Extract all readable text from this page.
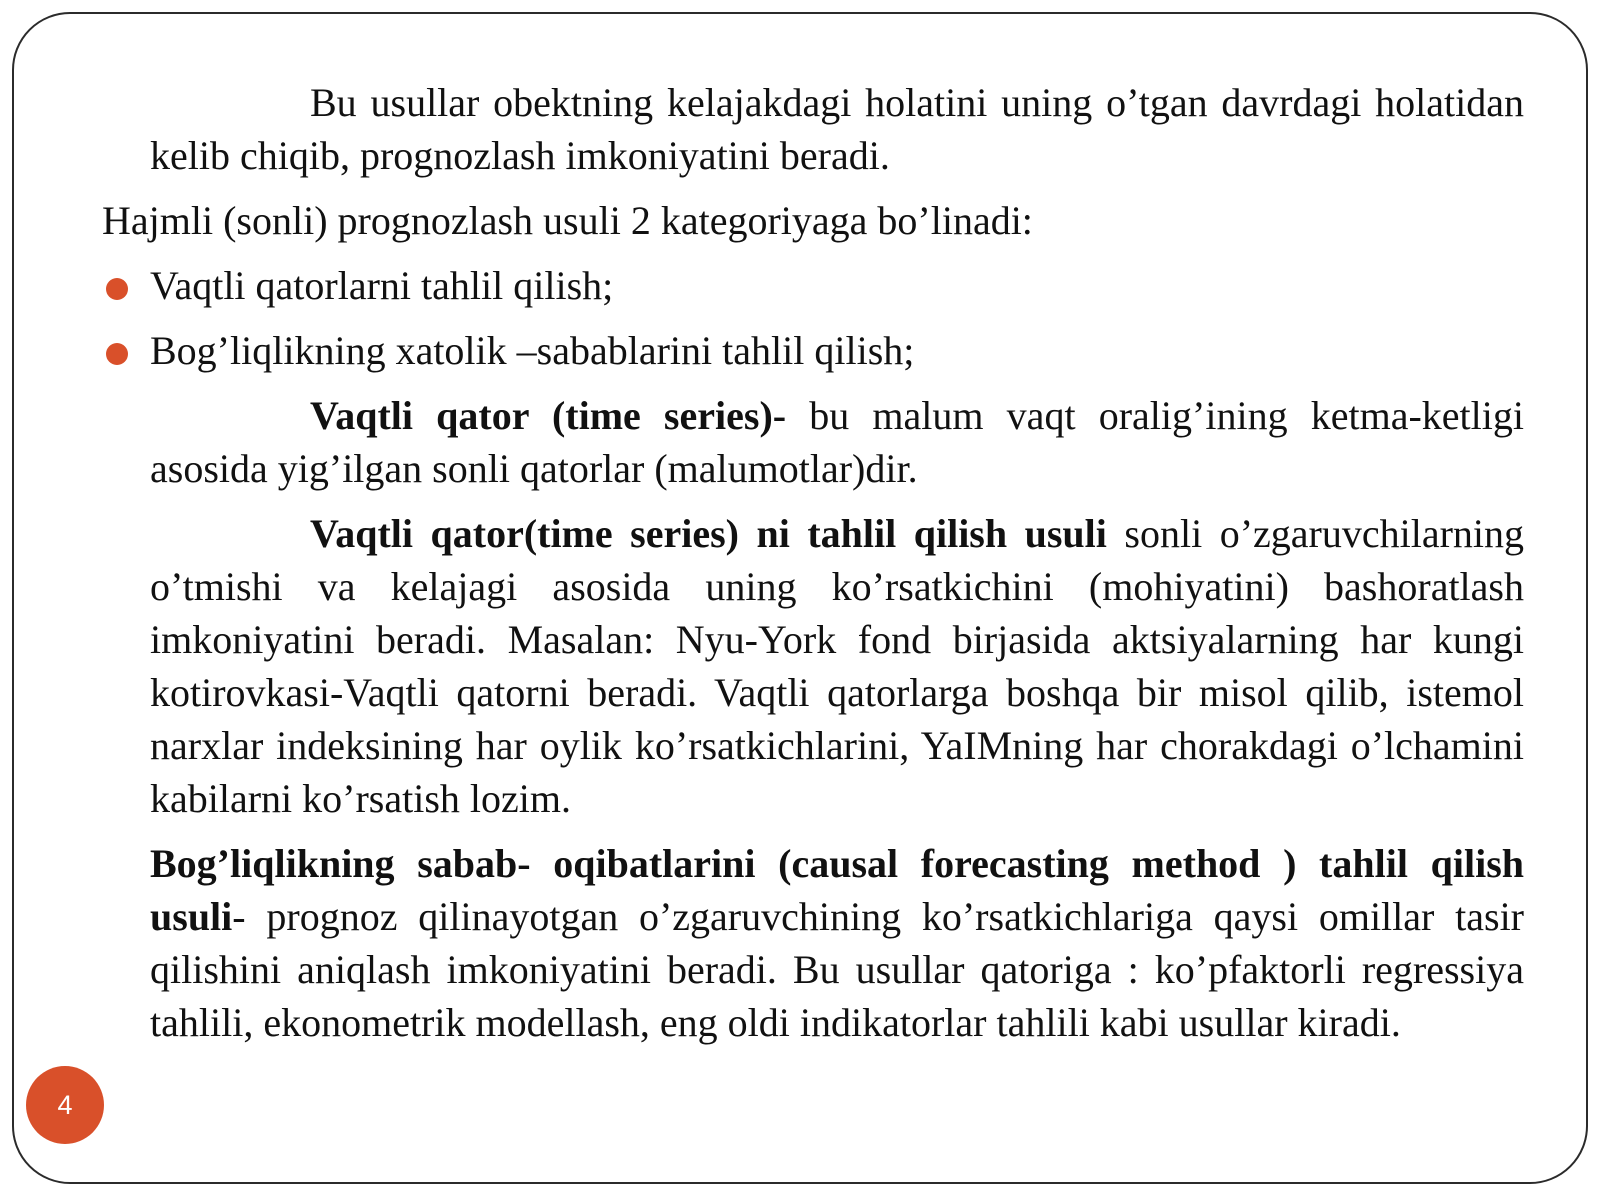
Bu usullar obektning kelajakdagi holatini uning o’tgan davrdagi holatidan kelib chiqib, prognozlash imkoniyatini beradi.

Hajmli (sonli) prognozlash usuli 2 kategoriyaga bo’linadi:

Vaqtli qatorlarni tahlil qilish;
Bog’liqlikning xatolik –sabablarini tahlil qilish;

Vaqtli qator (time series)- bu malum vaqt oralig’ining ketma-ketligi asosida yig’ilgan sonli qatorlar (malumotlar)dir.

Vaqtli qator(time series) ni tahlil qilish usuli sonli o’zgaruvchilarning o’tmishi va kelajagi asosida uning ko’rsatkichini (mohiyatini) bashoratlash imkoniyatini beradi. Masalan: Nyu-York fond birjasida aktsiyalarning har kungi kotirovkasi-Vaqtli qatorni beradi. Vaqtli qatorlarga boshqa bir misol qilib, istemol narxlar indeksining har oylik ko’rsatkichlarini, YaIMning har chorakdagi o’lchamini kabilarni ko’rsatish lozim.

Bog’liqlikning sabab- oqibatlarini (causal forecasting method ) tahlil qilish usuli- prognoz qilinayotgan o’zgaruvchining ko’rsatkichlariga qaysi omillar tasir qilishini aniqlash imkoniyatini beradi. Bu usullar qatoriga : ko’pfaktorli regressiya tahlili, ekonometrik modellash, eng oldi indikatorlar tahlili kabi usullar kiradi.

4
